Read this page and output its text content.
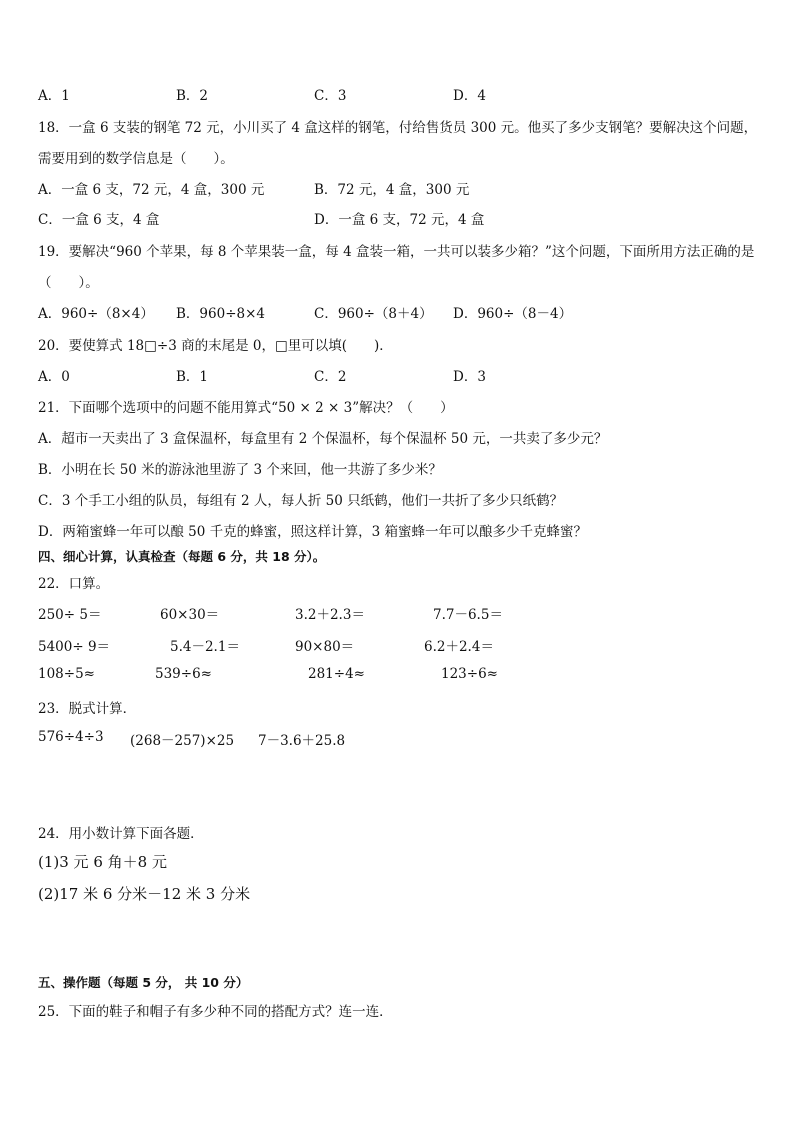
A．1	B．2	C．3	D．4
18．一盒 6 支装的钢笔 72 元，小川买了 4 盒这样的钢笔，付给售货员 300 元。他买了多少支钢笔？要解决这个问题，
需要用到的数学信息是（　　）。
A．一盒 6 支，72 元，4 盒，300 元	B．72 元，4 盒，300 元
C．一盒 6 支，4 盒	D．一盒 6 支，72 元，4 盒
19．要解决“960 个苹果，每 8 个苹果装一盒，每 4 盒装一箱，一共可以装多少箱？”这个问题，下面所用方法正确的是
（　　）。
A．960÷（8×4） B．960÷8×4	C．960÷（8＋4） D．960÷（8－4）
20．要使算式 18□÷3 商的末尾是 0，□里可以填(　　)．
A．0	B．1	C．2	D．3
21．下面哪个选项中的问题不能用算式“50 × 2 × 3”解决？（　　）
A．超市一天卖出了 3 盒保温杯，每盒里有 2 个保温杯，每个保温杯 50 元，一共卖了多少元？
B．小明在长 50 米的游泳池里游了 3 个来回，他一共游了多少米？
C．3 个手工小组的队员，每组有 2 人，每人折 50 只纸鹤，他们一共折了多少只纸鹤？
D．两箱蜜蜂一年可以酿 50 千克的蜂蜜，照这样计算，3 箱蜜蜂一年可以酿多少千克蜂蜜？
四、细心计算，认真检查（每题 6 分，共 18 分）。
22．口算。
250÷ 5＝	60×30＝	3.2＋2.3＝	7.7－6.5＝
5400÷ 9＝	5.4－2.1＝	90×80＝	6.2＋2.4＝
108÷5≈	539÷6≈	281÷4≈	123÷6≈
23．脱式计算．
576÷4÷3 (268－257)×25 7－3.6＋25.8
24．用小数计算下面各题．
(1)3 元 6 角＋8 元
(2)17 米 6 分米－12 米 3 分米
五、操作题（每题 5 分， 共 10 分）
25．下面的鞋子和帽子有多少种不同的搭配方式？连一连．
